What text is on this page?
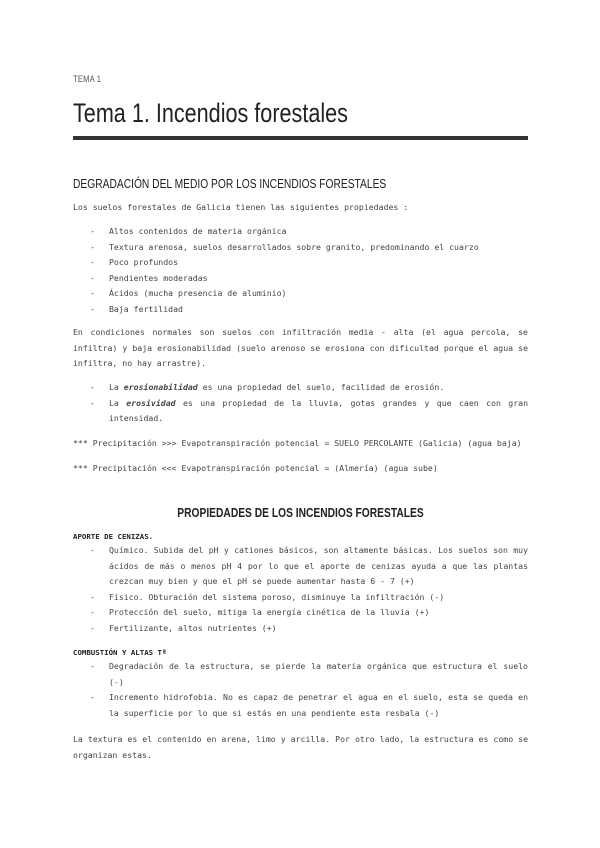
TEMA 1
Tema 1. Incendios forestales
DEGRADACIÓN DEL MEDIO POR LOS INCENDIOS FORESTALES

Los suelos forestales de Galicia tienen las siguientes propiedades :

- Altos contenidos de materia orgánica
- Textura arenosa, suelos desarrollados sobre granito, predominando el cuarzo
- Poco profundos
- Pendientes moderadas
- Ácidos (mucha presencia de aluminio)
- Baja fertilidad

En condiciones normales son suelos con infiltración media - alta (el agua percola, se infiltra) y baja erosionabilidad (suelo arenoso se erosiona con dificultad porque el agua se infiltra, no hay arrastre).

- La erosionabilidad es una propiedad del suelo, facilidad de erosión.
- La erosividad es una propiedad de la lluvia, gotas grandes y que caen con gran intensidad.

*** Precipitación >>> Evapotranspiración potencial = SUELO PERCOLANTE (Galicia) (agua baja)

*** Precipitación <<< Evapotranspiración potencial = (Almería) (agua sube)

PROPIEDADES DE LOS INCENDIOS FORESTALES

APORTE DE CENIZAS.

- Químico. Subida del pH y cationes básicos, son altamente básicas. Los suelos son muy ácidos de más o menos pH 4 por lo que el aporte de cenizas ayuda a que las plantas crezcan muy bien y que el pH se puede aumentar hasta 6 - 7 (+)
- Físico. Obturación del sistema poroso, disminuye la infiltración (-)
- Protección del suelo, mitiga la energía cinética de la lluvia (+)
- Fertilizante, altos nutrientes (+)

COMBUSTIÓN Y ALTAS Tª

- Degradación de la estructura, se pierde la materia orgánica que estructura el suelo (-)
- Incremento hidrofobia. No es capaz de penetrar el agua en el suelo, esta se queda en la superficie por lo que si estás en una pendiente esta resbala (-)

La textura es el contenido en arena, limo y arcilla. Por otro lado, la estructura es como se organizan estas.
